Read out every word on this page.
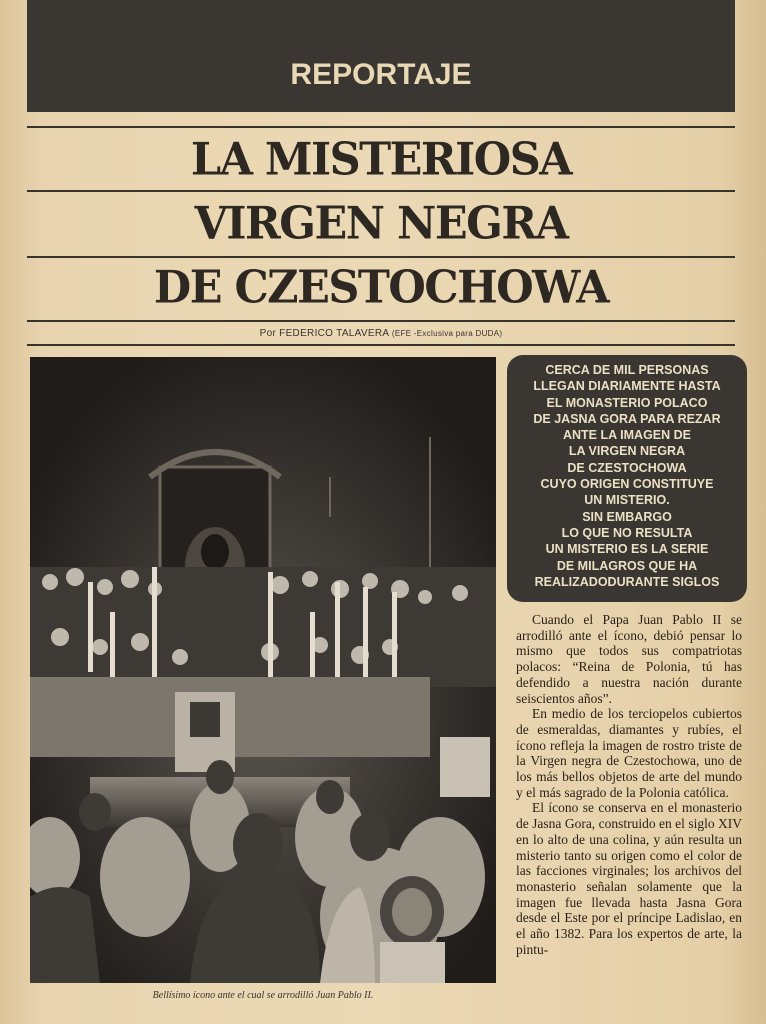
REPORTAJE
LA MISTERIOSA
VIRGEN NEGRA
DE CZESTOCHOWA
Por FEDERICO TALAVERA (EFE -Exclusiva para DUDA)
Bellísimo ícono ante el cual se arrodilló Juan Pablo II.
CERCA DE MIL PERSONAS
LLEGAN DIARIAMENTE HASTA
EL MONASTERIO POLACO
DE JASNA GORA PARA REZAR
ANTE LA IMAGEN DE
LA VIRGEN NEGRA
DE CZESTOCHOWA
CUYO ORIGEN CONSTITUYE
UN MISTERIO.
SIN EMBARGO
LO QUE NO RESULTA
UN MISTERIO ES LA SERIE
DE MILAGROS QUE HA
REALIZADODURANTE SIGLOS

Cuando el Papa Juan Pablo II se arrodilló ante el ícono, debió pensar lo mismo que todos sus compatriotas polacos: “Reina de Polonia, tú has defendido a nuestra nación durante seiscientos años”.

En medio de los terciopelos cubiertos de esmeraldas, diamantes y rubíes, el ícono refleja la imagen de rostro triste de la Virgen negra de Czestochowa, uno de los más bellos objetos de arte del mundo y el más sagrado de la Polonia católica.

El ícono se conserva en el monasterio de Jasna Gora, construido en el siglo XIV en lo alto de una colina, y aún resulta un misterio tanto su origen como el color de las facciones virginales; los archivos del monasterio señalan solamente que la imagen fue llevada hasta Jasna Gora desde el Este por el príncipe Ladislao, en el año 1382. Para los expertos de arte, la pintu-
